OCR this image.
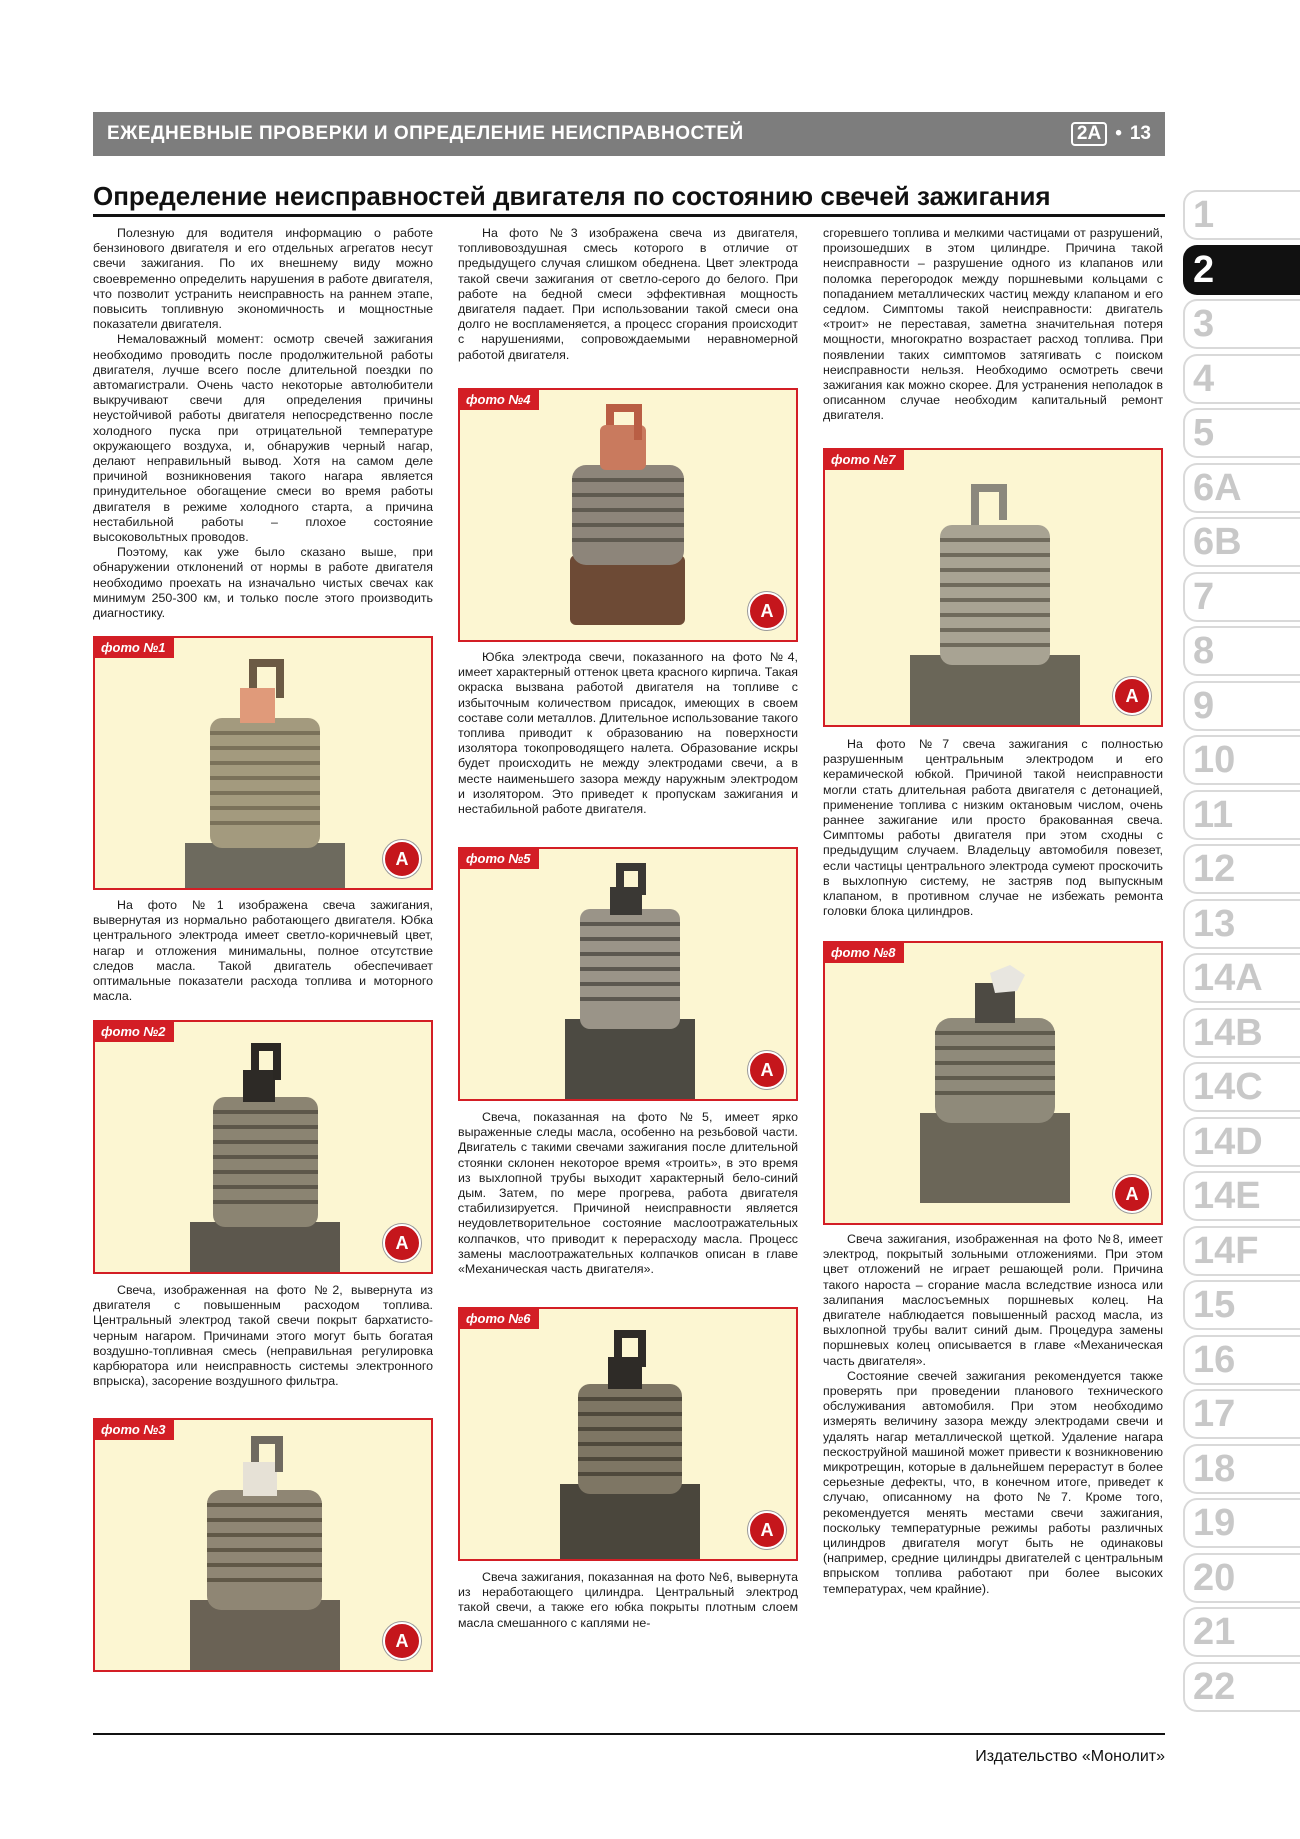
ЕЖЕДНЕВНЫЕ ПРОВЕРКИ И ОПРЕДЕЛЕНИЕ НЕИСПРАВНОСТЕЙ	2A • 13
Определение неисправностей двигателя по состоянию свечей зажигания

Полезную для водителя информацию о работе бензинового двигателя и его отдельных агрегатов несут свечи зажигания. По их внешнему виду можно своевременно определить нарушения в работе двигателя, что позволит устранить неисправность на раннем этапе, повысить топливную экономичность и мощностные показатели двигателя.

Немаловажный момент: осмотр свечей зажигания необходимо проводить после продолжительной работы двигателя, лучше всего после длительной поездки по автомагистрали. Очень часто некоторые автолюбители выкручивают свечи для определения причины неустойчивой работы двигателя непосредственно после холодного пуска при отрицательной температуре окружающего воздуха, и, обнаружив черный нагар, делают неправильный вывод. Хотя на самом деле причиной возникновения такого нагара является принудительное обогащение смеси во время работы двигателя в режиме холодного старта, а причина нестабильной работы – плохое состояние высоковольтных проводов.

Поэтому, как уже было сказано выше, при обнаружении отклонений от нормы в работе двигателя необходимо проехать на изначально чистых свечах как минимум 250-300 км, и только после этого производить диагностику.

фото №1
А

На фото №1 изображена свеча зажигания, вывернутая из нормально работающего двигателя. Юбка центрального электрода имеет светло-коричневый цвет, нагар и отложения минимальны, полное отсутствие следов масла. Такой двигатель обеспечивает оптимальные показатели расхода топлива и моторного масла.

фото №2
А

Свеча, изображенная на фото №2, вывернута из двигателя с повышенным расходом топлива. Центральный электрод такой свечи покрыт бархатисто-черным нагаром. Причинами этого могут быть богатая воздушно-топливная смесь (неправильная регулировка карбюратора или неисправность системы электронного впрыска), засорение воздушного фильтра.

фото №3
А

На фото №3 изображена свеча из двигателя, топливовоздушная смесь которого в отличие от предыдущего случая слишком обеднена. Цвет электрода такой свечи зажигания от светло-серого до белого. При работе на бедной смеси эффективная мощность двигателя падает. При использовании такой смеси она долго не воспламеняется, а процесс сгорания происходит с нарушениями, сопровождаемыми неравномерной работой двигателя.

фото №4
А

Юбка электрода свечи, показанного на фото №4, имеет характерный оттенок цвета красного кирпича. Такая окраска вызвана работой двигателя на топливе с избыточным количеством присадок, имеющих в своем составе соли металлов. Длительное использование такого топлива приводит к образованию на поверхности изолятора токопроводящего налета. Образование искры будет происходить не между электродами свечи, а в месте наименьшего зазора между наружным электродом и изолятором. Это приведет к пропускам зажигания и нестабильной работе двигателя.

фото №5
А

Свеча, показанная на фото №5, имеет ярко выраженные следы масла, особенно на резьбовой части. Двигатель с такими свечами зажигания после длительной стоянки склонен некоторое время «троить», в это время из выхлопной трубы выходит характерный бело-синий дым. Затем, по мере прогрева, работа двигателя стабилизируется. Причиной неисправности является неудовлетворительное состояние маслоотражательных колпачков, что приводит к перерасходу масла. Процесс замены маслоотражательных колпачков описан в главе «Механическая часть двигателя».

фото №6
А

Свеча зажигания, показанная на фото №6, вывернута из неработающего цилиндра. Центральный электрод такой свечи, а также его юбка покрыты плотным слоем масла смешанного с каплями не-

сгоревшего топлива и мелкими частицами от разрушений, произошедших в этом цилиндре. Причина такой неисправности – разрушение одного из клапанов или поломка перегородок между поршневыми кольцами с попаданием металлических частиц между клапаном и его седлом. Симптомы такой неисправности: двигатель «троит» не переставая, заметна значительная потеря мощности, многократно возрастает расход топлива. При появлении таких симптомов затягивать с поиском неисправности нельзя. Необходимо осмотреть свечи зажигания как можно скорее. Для устранения неполадок в описанном случае необходим капитальный ремонт двигателя.

фото №7
А

На фото №7 свеча зажигания с полностью разрушенным центральным электродом и его керамической юбкой. Причиной такой неисправности могли стать длительная работа двигателя с детонацией, применение топлива с низким октановым числом, очень раннее зажигание или просто бракованная свеча. Симптомы работы двигателя при этом сходны с предыдущим случаем. Владельцу автомобиля повезет, если частицы центрального электрода сумеют проскочить в выхлопную систему, не застряв под выпускным клапаном, в противном случае не избежать ремонта головки блока цилиндров.

фото №8
А

Свеча зажигания, изображенная на фото №8, имеет электрод, покрытый зольными отложениями. При этом цвет отложений не играет решающей роли. Причина такого нароста – сгорание масла вследствие износа или залипания маслосъемных поршневых колец. На двигателе наблюдается повышенный расход масла, из выхлопной трубы валит синий дым. Процедура замены поршневых колец описывается в главе «Механическая часть двигателя».

Состояние свечей зажигания рекомендуется также проверять при проведении планового технического обслуживания автомобиля. При этом необходимо измерять величину зазора между электродами свечи и удалять нагар металлической щеткой. Удаление нагара пескоструйной машиной может привести к возникновению микротрещин, которые в дальнейшем перерастут в более серьезные дефекты, что, в конечном итоге, приведет к случаю, описанному на фото №7. Кроме того, рекомендуется менять местами свечи зажигания, поскольку температурные режимы работы различных цилиндров двигателя могут быть не одинаковы (например, средние цилиндры двигателей с центральным впрыском топлива работают при более высоких температурах, чем крайние).

1
2
3
4
5
6A
6B
7
8
9
10
11
12
13
14A
14B
14C
14D
14E
14F
15
16
17
18
19
20
21
22
Издательство «Монолит»
